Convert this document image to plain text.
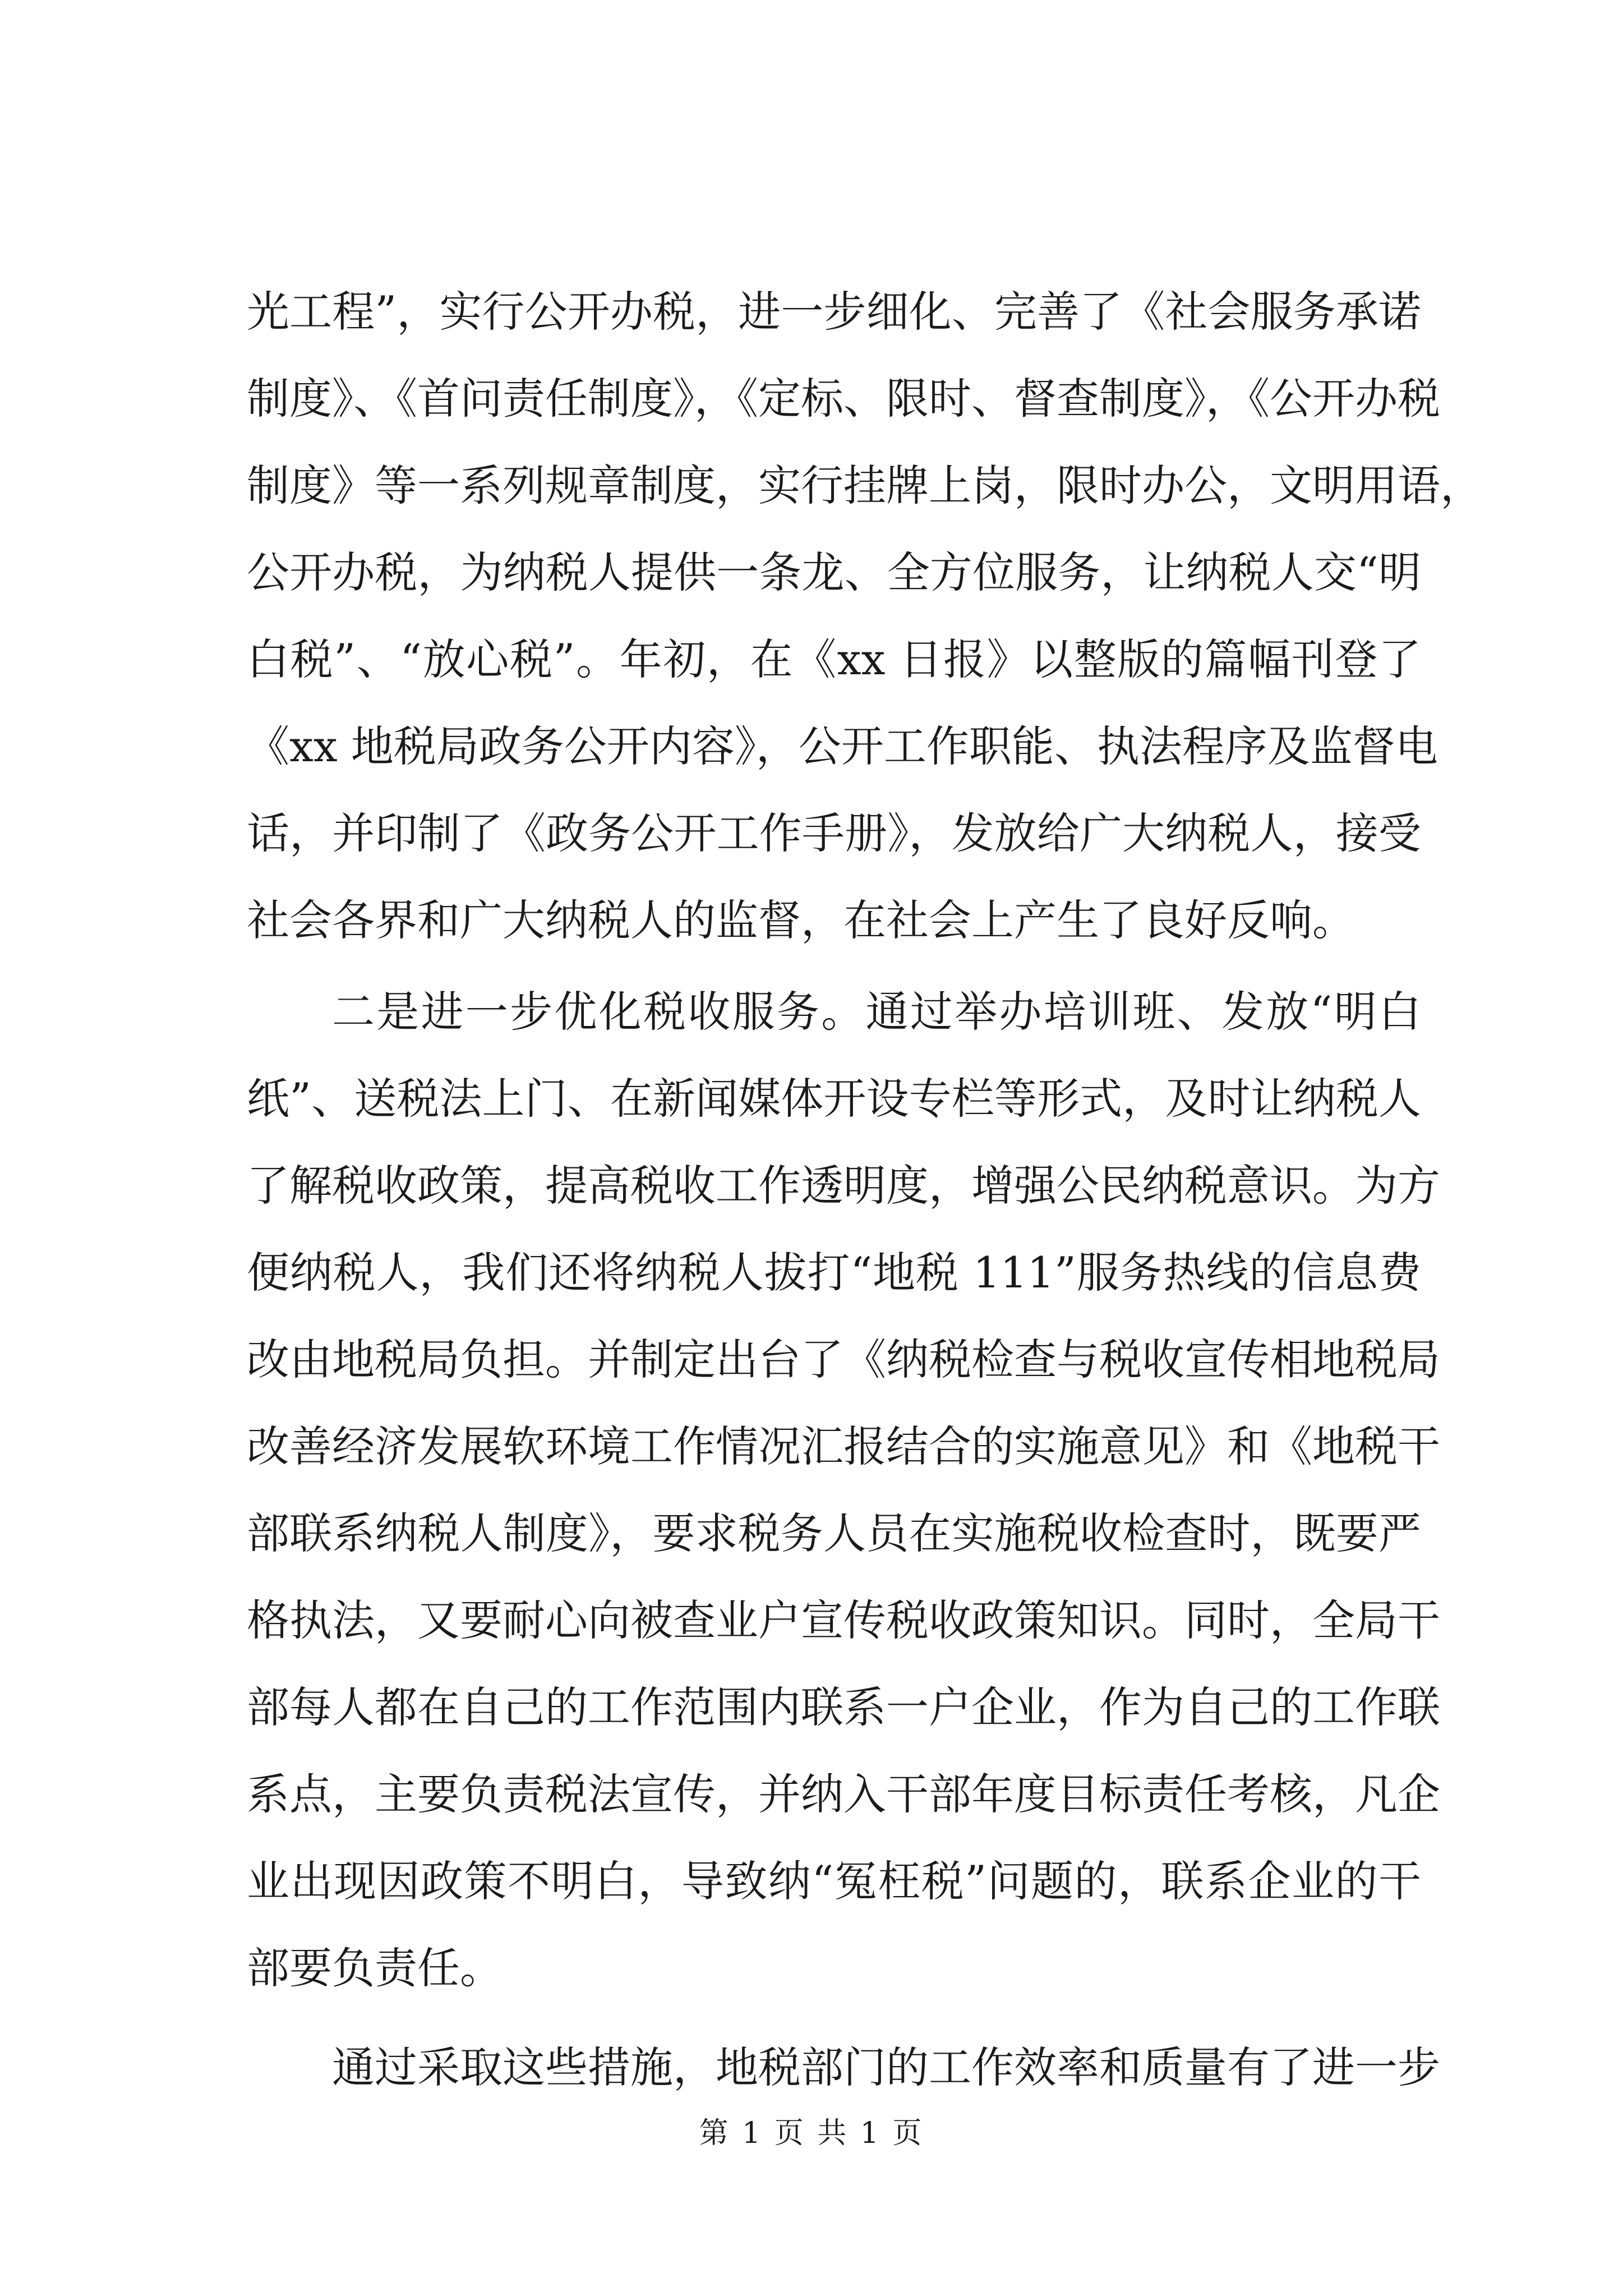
光工程”，实行公开办税，进一步细化、完善了《社会服务承诺
制度》、《首问责任制度》，《定标、限时、督查制度》，《公开办税
制度》等一系列规章制度，实行挂牌上岗，限时办公，文明用语，
公开办税，为纳税人提供一条龙、全方位服务，让纳税人交“明
白税”、“放心税”。年初，在《xx 日报》以整版的篇幅刊登了
《xx 地税局政务公开内容》，公开工作职能、执法程序及监督电
话，并印制了《政务公开工作手册》，发放给广大纳税人，接受
社会各界和广大纳税人的监督，在社会上产生了良好反响。
二是进一步优化税收服务。通过举办培训班、发放“明白
纸”、送税法上门、在新闻媒体开设专栏等形式，及时让纳税人
了解税收政策，提高税收工作透明度，增强公民纳税意识。为方
便纳税人，我们还将纳税人拔打“地税 111”服务热线的信息费
改由地税局负担。并制定出台了《纳税检查与税收宣传相地税局
改善经济发展软环境工作情况汇报结合的实施意见》和《地税干
部联系纳税人制度》，要求税务人员在实施税收检查时，既要严
格执法，又要耐心向被查业户宣传税收政策知识。同时，全局干
部每人都在自己的工作范围内联系一户企业，作为自己的工作联
系点，主要负责税法宣传，并纳入干部年度目标责任考核，凡企
业出现因政策不明白，导致纳“冤枉税”问题的，联系企业的干
部要负责任。
通过采取这些措施，地税部门的工作效率和质量有了进一步
第 1 页 共 1 页
